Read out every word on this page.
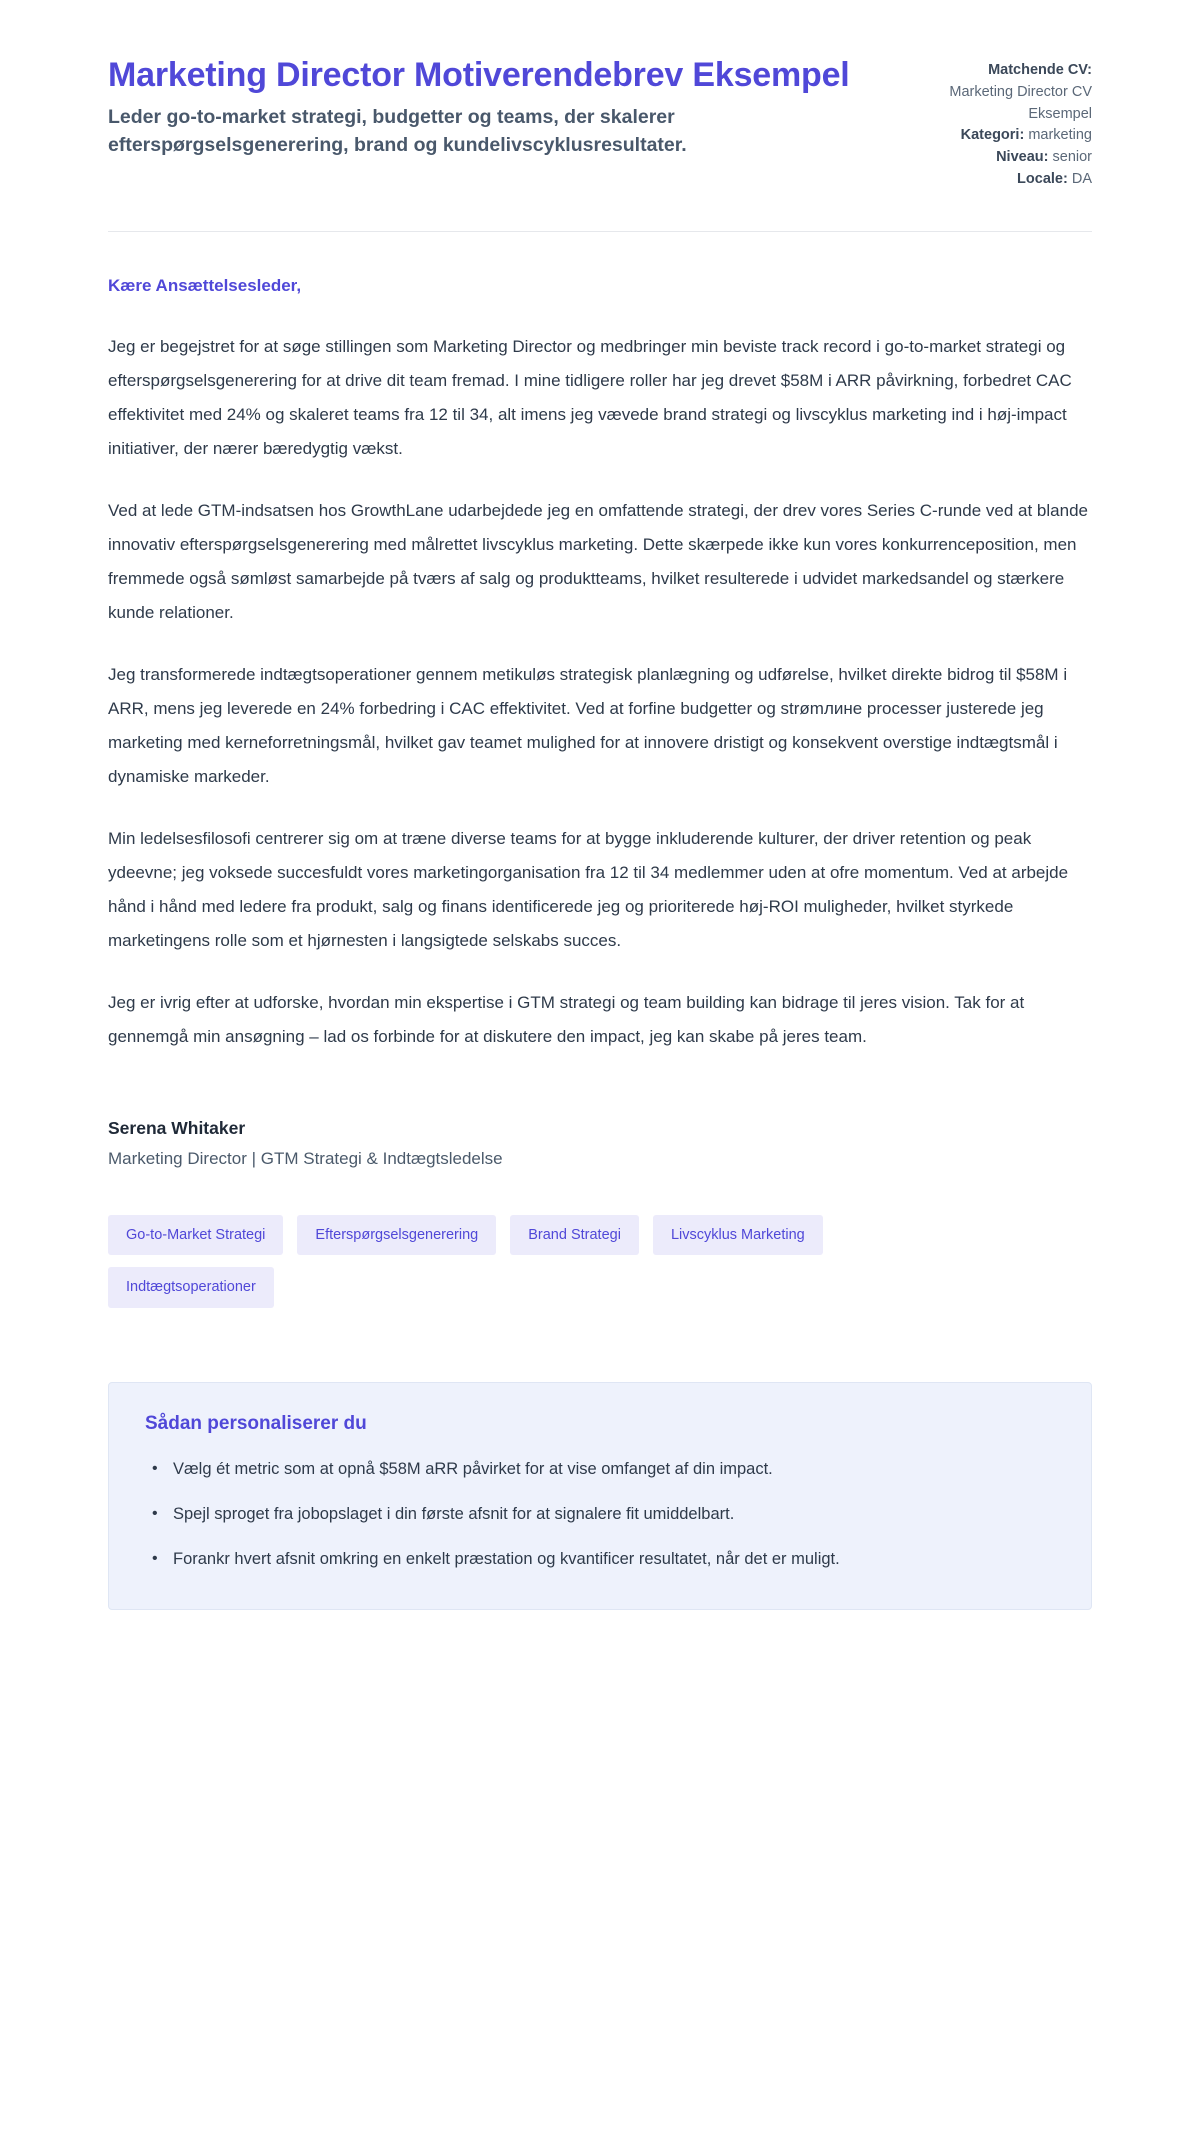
Marketing Director Motiverendebrev Eksempel

Leder go-to-market strategi, budgetter og teams, der skalerer efterspørgselsgenerering, brand og kundelivscyklusresultater.

Matchende CV:
Marketing Director CV Eksempel
Kategori: marketing
Niveau: senior
Locale: DA

Kære Ansættelsesleder,

Jeg er begejstret for at søge stillingen som Marketing Director og medbringer min beviste track record i go-to-market strategi og efterspørgselsgenerering for at drive dit team fremad. I mine tidligere roller har jeg drevet $58M i ARR påvirkning, forbedret CAC effektivitet med 24% og skaleret teams fra 12 til 34, alt imens jeg vævede brand strategi og livscyklus marketing ind i høj-impact initiativer, der nærer bæredygtig vækst.

Ved at lede GTM-indsatsen hos GrowthLane udarbejdede jeg en omfattende strategi, der drev vores Series C-runde ved at blande innovativ efterspørgselsgenerering med målrettet livscyklus marketing. Dette skærpede ikke kun vores konkurrenceposition, men fremmede også sømløst samarbejde på tværs af salg og produktteams, hvilket resulterede i udvidet markedsandel og stærkere kunde relationer.

Jeg transformerede indtægtsoperationer gennem metikuløs strategisk planlægning og udførelse, hvilket direkte bidrog til $58M i ARR, mens jeg leverede en 24% forbedring i CAC effektivitet. Ved at forfine budgetter og strømлине processer justerede jeg marketing med kerneforretningsmål, hvilket gav teamet mulighed for at innovere dristigt og konsekvent overstige indtægtsmål i dynamiske markeder.

Min ledelsesfilosofi centrerer sig om at træne diverse teams for at bygge inkluderende kulturer, der driver retention og peak ydeevne; jeg voksede succesfuldt vores marketingorganisation fra 12 til 34 medlemmer uden at ofre momentum. Ved at arbejde hånd i hånd med ledere fra produkt, salg og finans identificerede jeg og prioriterede høj-ROI muligheder, hvilket styrkede marketingens rolle som et hjørnesten i langsigtede selskabs succes.

Jeg er ivrig efter at udforske, hvordan min ekspertise i GTM strategi og team building kan bidrage til jeres vision. Tak for at gennemgå min ansøgning – lad os forbinde for at diskutere den impact, jeg kan skabe på jeres team.

Serena Whitaker

Marketing Director | GTM Strategi & Indtægtsledelse

Go-to-Market Strategi	Efterspørgselsgenerering	Brand Strategi	Livscyklus Marketing
Indtægtsoperationer
Sådan personaliserer du
• Vælg ét metric som at opnå $58M aRR påvirket for at vise omfanget af din impact.
• Spejl sproget fra jobopslaget i din første afsnit for at signalere fit umiddelbart.
• Forankr hvert afsnit omkring en enkelt præstation og kvantificer resultatet, når det er muligt.
